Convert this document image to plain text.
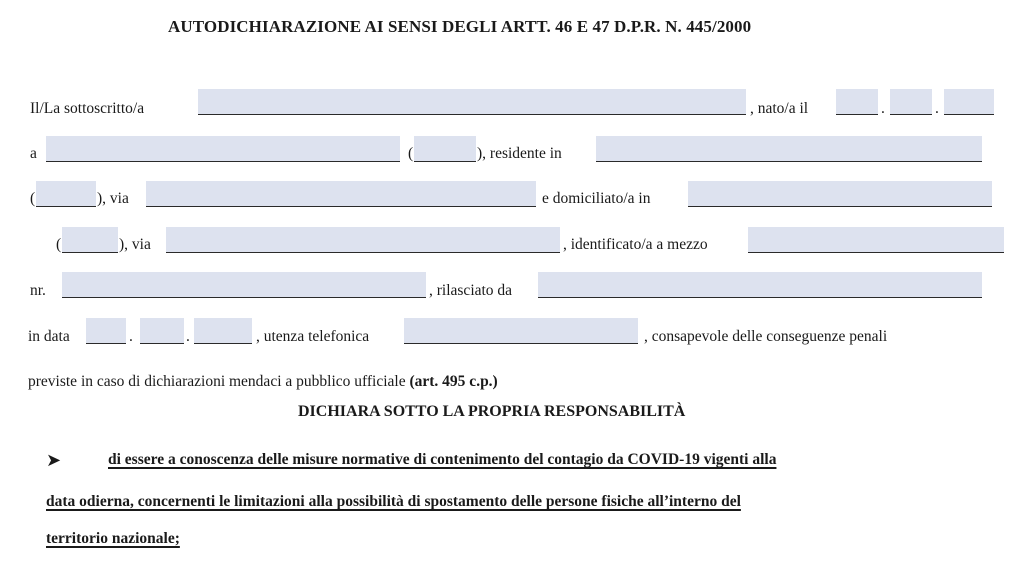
AUTODICHIARAZIONE AI SENSI DEGLI ARTT. 46 E 47 D.P.R. N. 445/2000
Il/La sottoscritto/a	, nato/a il	.	.
a	(	), residente in
(	), via	e domiciliato/a in
(	), via	, identificato/a a mezzo
nr.	, rilasciato da
in data	.	.	, utenza telefonica	, consapevole delle conseguenze penali
previste in caso di dichiarazioni mendaci a pubblico ufficiale (art. 495 c.p.)
DICHIARA SOTTO LA PROPRIA RESPONSABILITÀ
➤	di essere a conoscenza delle misure normative di contenimento del contagio da COVID-19 vigenti alla
data odierna, concernenti le limitazioni alla possibilità di spostamento delle persone fisiche all’interno del
territorio nazionale;
